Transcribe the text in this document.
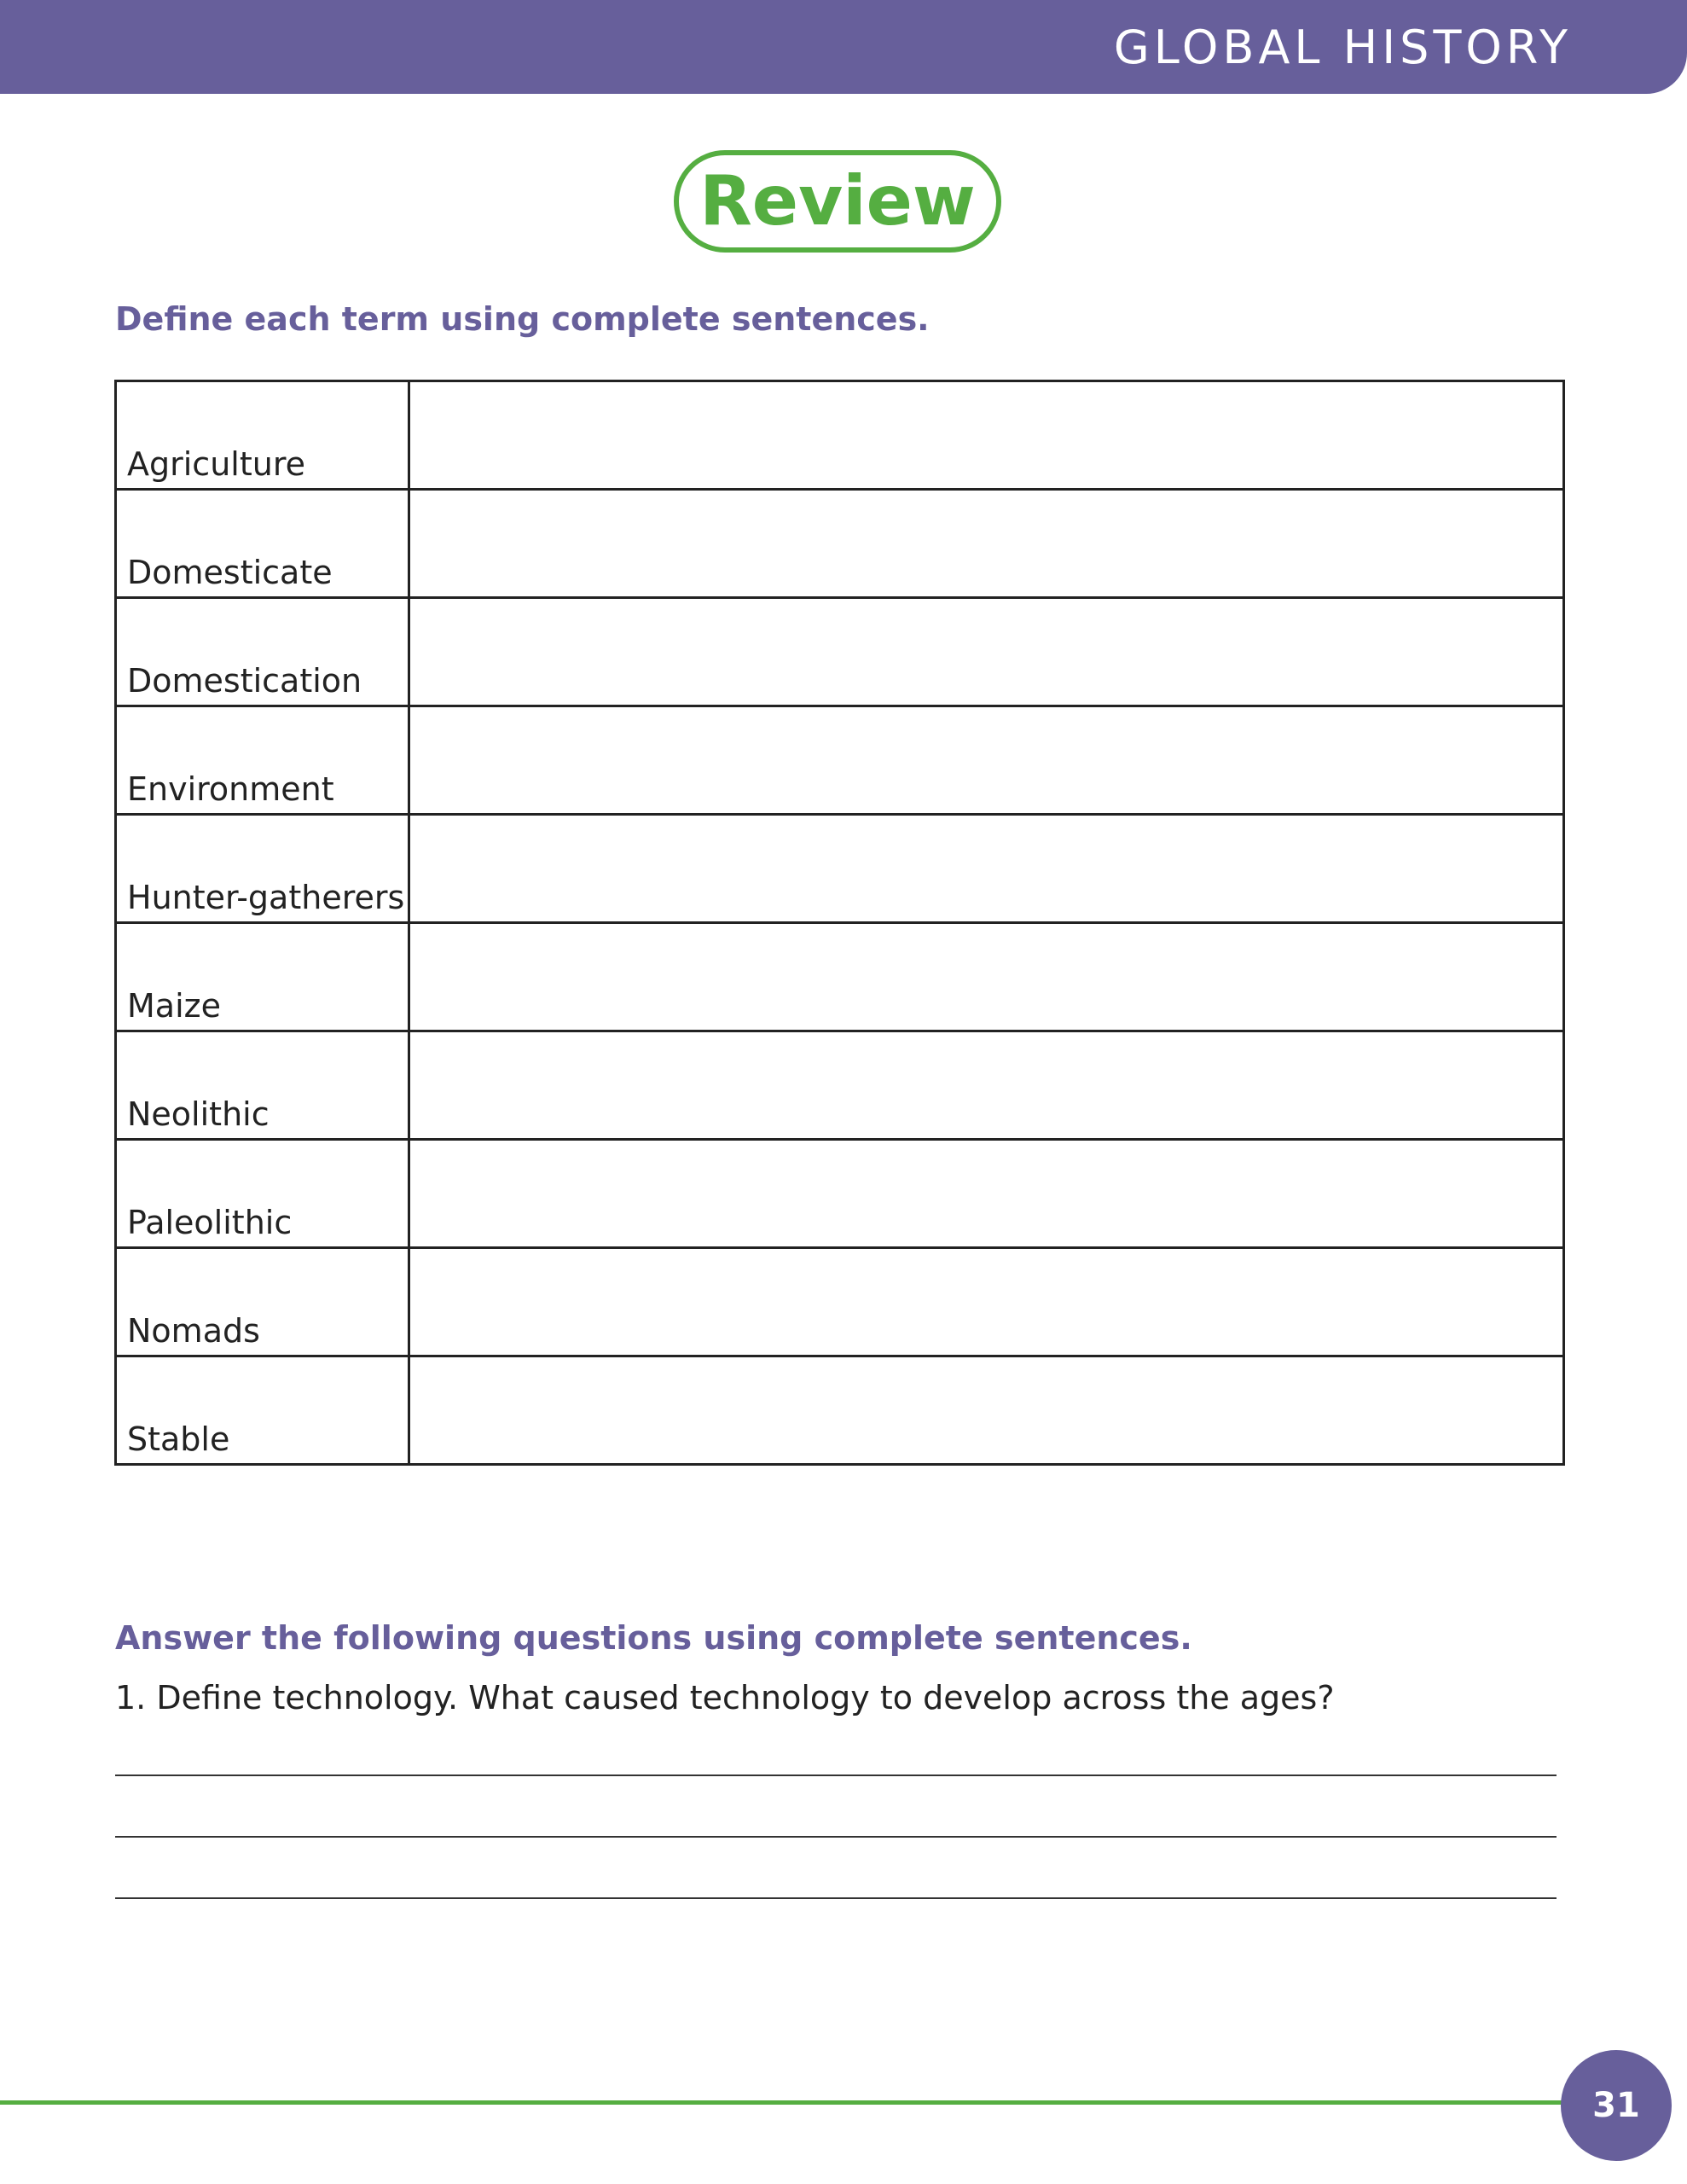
GLOBAL HISTORY
Review
Define each term using complete sentences.
Agriculture	
Domesticate	
Domestication	
Environment	
Hunter-gatherers	
Maize	
Neolithic	
Paleolithic	
Nomads	
Stable	
Answer the following questions using complete sentences.
1. Define technology. What caused technology to develop across the ages?
31
